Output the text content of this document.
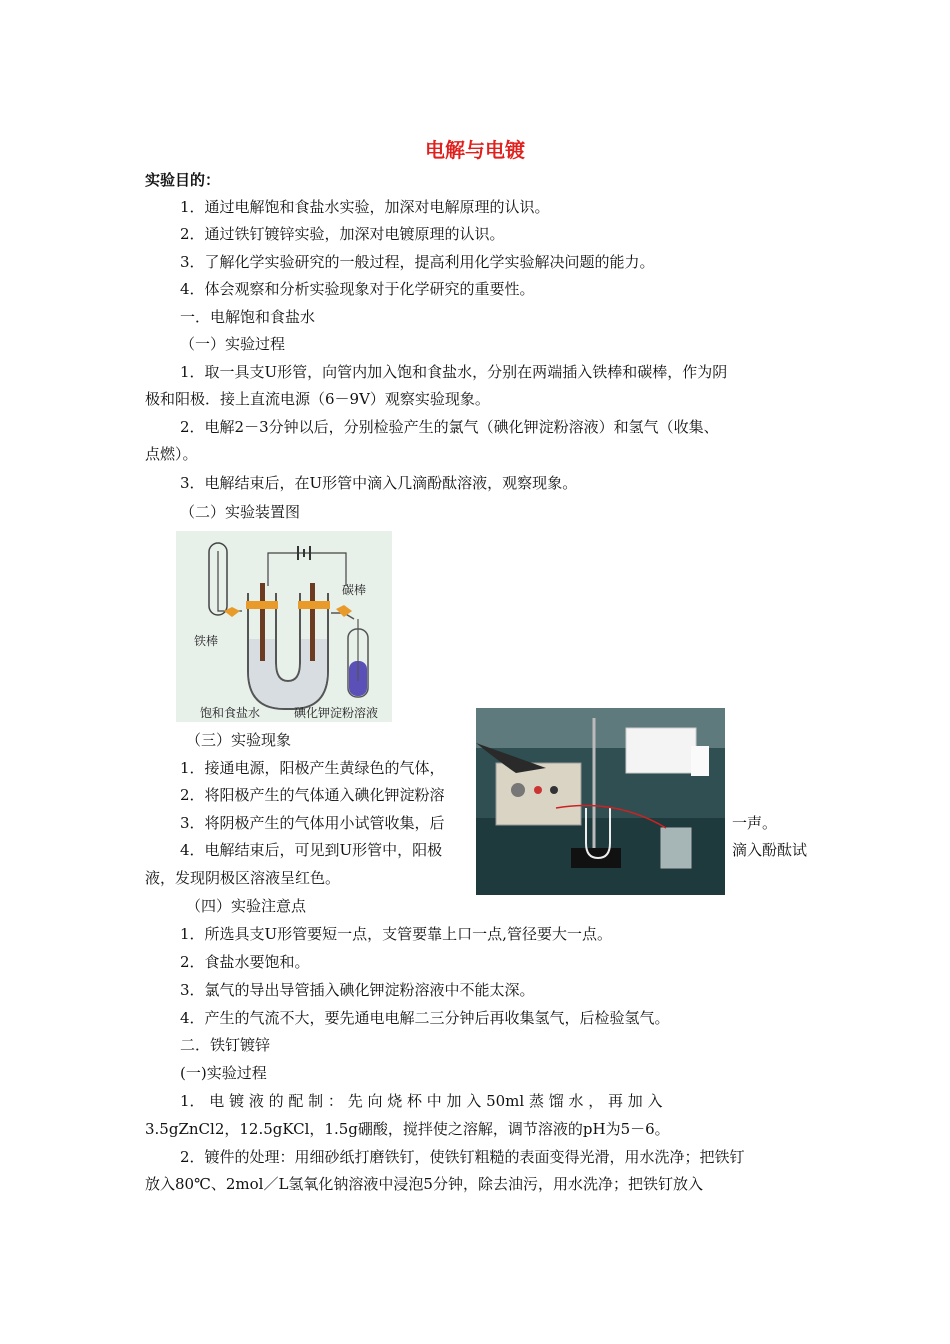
电解与电镀
实验目的：
1．通过电解饱和食盐水实验，加深对电解原理的认识。
2．通过铁钉镀锌实验，加深对电镀原理的认识。
3．了解化学实验研究的一般过程，提高利用化学实验解决问题的能力。
4．体会观察和分析实验现象对于化学研究的重要性。
一．电解饱和食盐水
（一）实验过程
1．取一具支U形管，向管内加入饱和食盐水，分别在两端插入铁棒和碳棒，作为阴
极和阳极．接上直流电源（6－9V）观察实验现象。
2．电解2－3分钟以后，分别检验产生的氯气（碘化钾淀粉溶液）和氢气（收集、
点燃）。
3．电解结束后，在U形管中滴入几滴酚酞溶液，观察现象。
（二）实验装置图
碳棒
铁棒
饱和食盐水	碘化钾淀粉溶液
（三）实验现象
1．接通电源，阳极产生黄绿色的气体，
2．将阳极产生的气体通入碘化钾淀粉溶
3．将阴极产生的气体用小试管收集，后	一声。
4．电解结束后，可见到U形管中，阳极	滴入酚酞试
液，发现阴极区溶液呈红色。
（四）实验注意点
1．所选具支U形管要短一点，支管要靠上口一点,管径要大一点。
2．食盐水要饱和。
3．氯气的导出导管插入碘化钾淀粉溶液中不能太深。
4．产生的气流不大，要先通电电解二三分钟后再收集氢气，后检验氢气。
二．铁钉镀锌
(一)实验过程
1． 电 镀 液 的 配 制 ： 先 向 烧 杯 中 加 入 50ml 蒸 馏 水 ， 再 加 入
3.5gZnCl2，12.5gKCl，1.5g硼酸，搅拌使之溶解，调节溶液的pH为5－6。
2．镀件的处理：用细砂纸打磨铁钉，使铁钉粗糙的表面变得光滑，用水洗净；把铁钉
放入80℃、2mol／L氢氧化钠溶液中浸泡5分钟，除去油污，用水洗净；把铁钉放入
